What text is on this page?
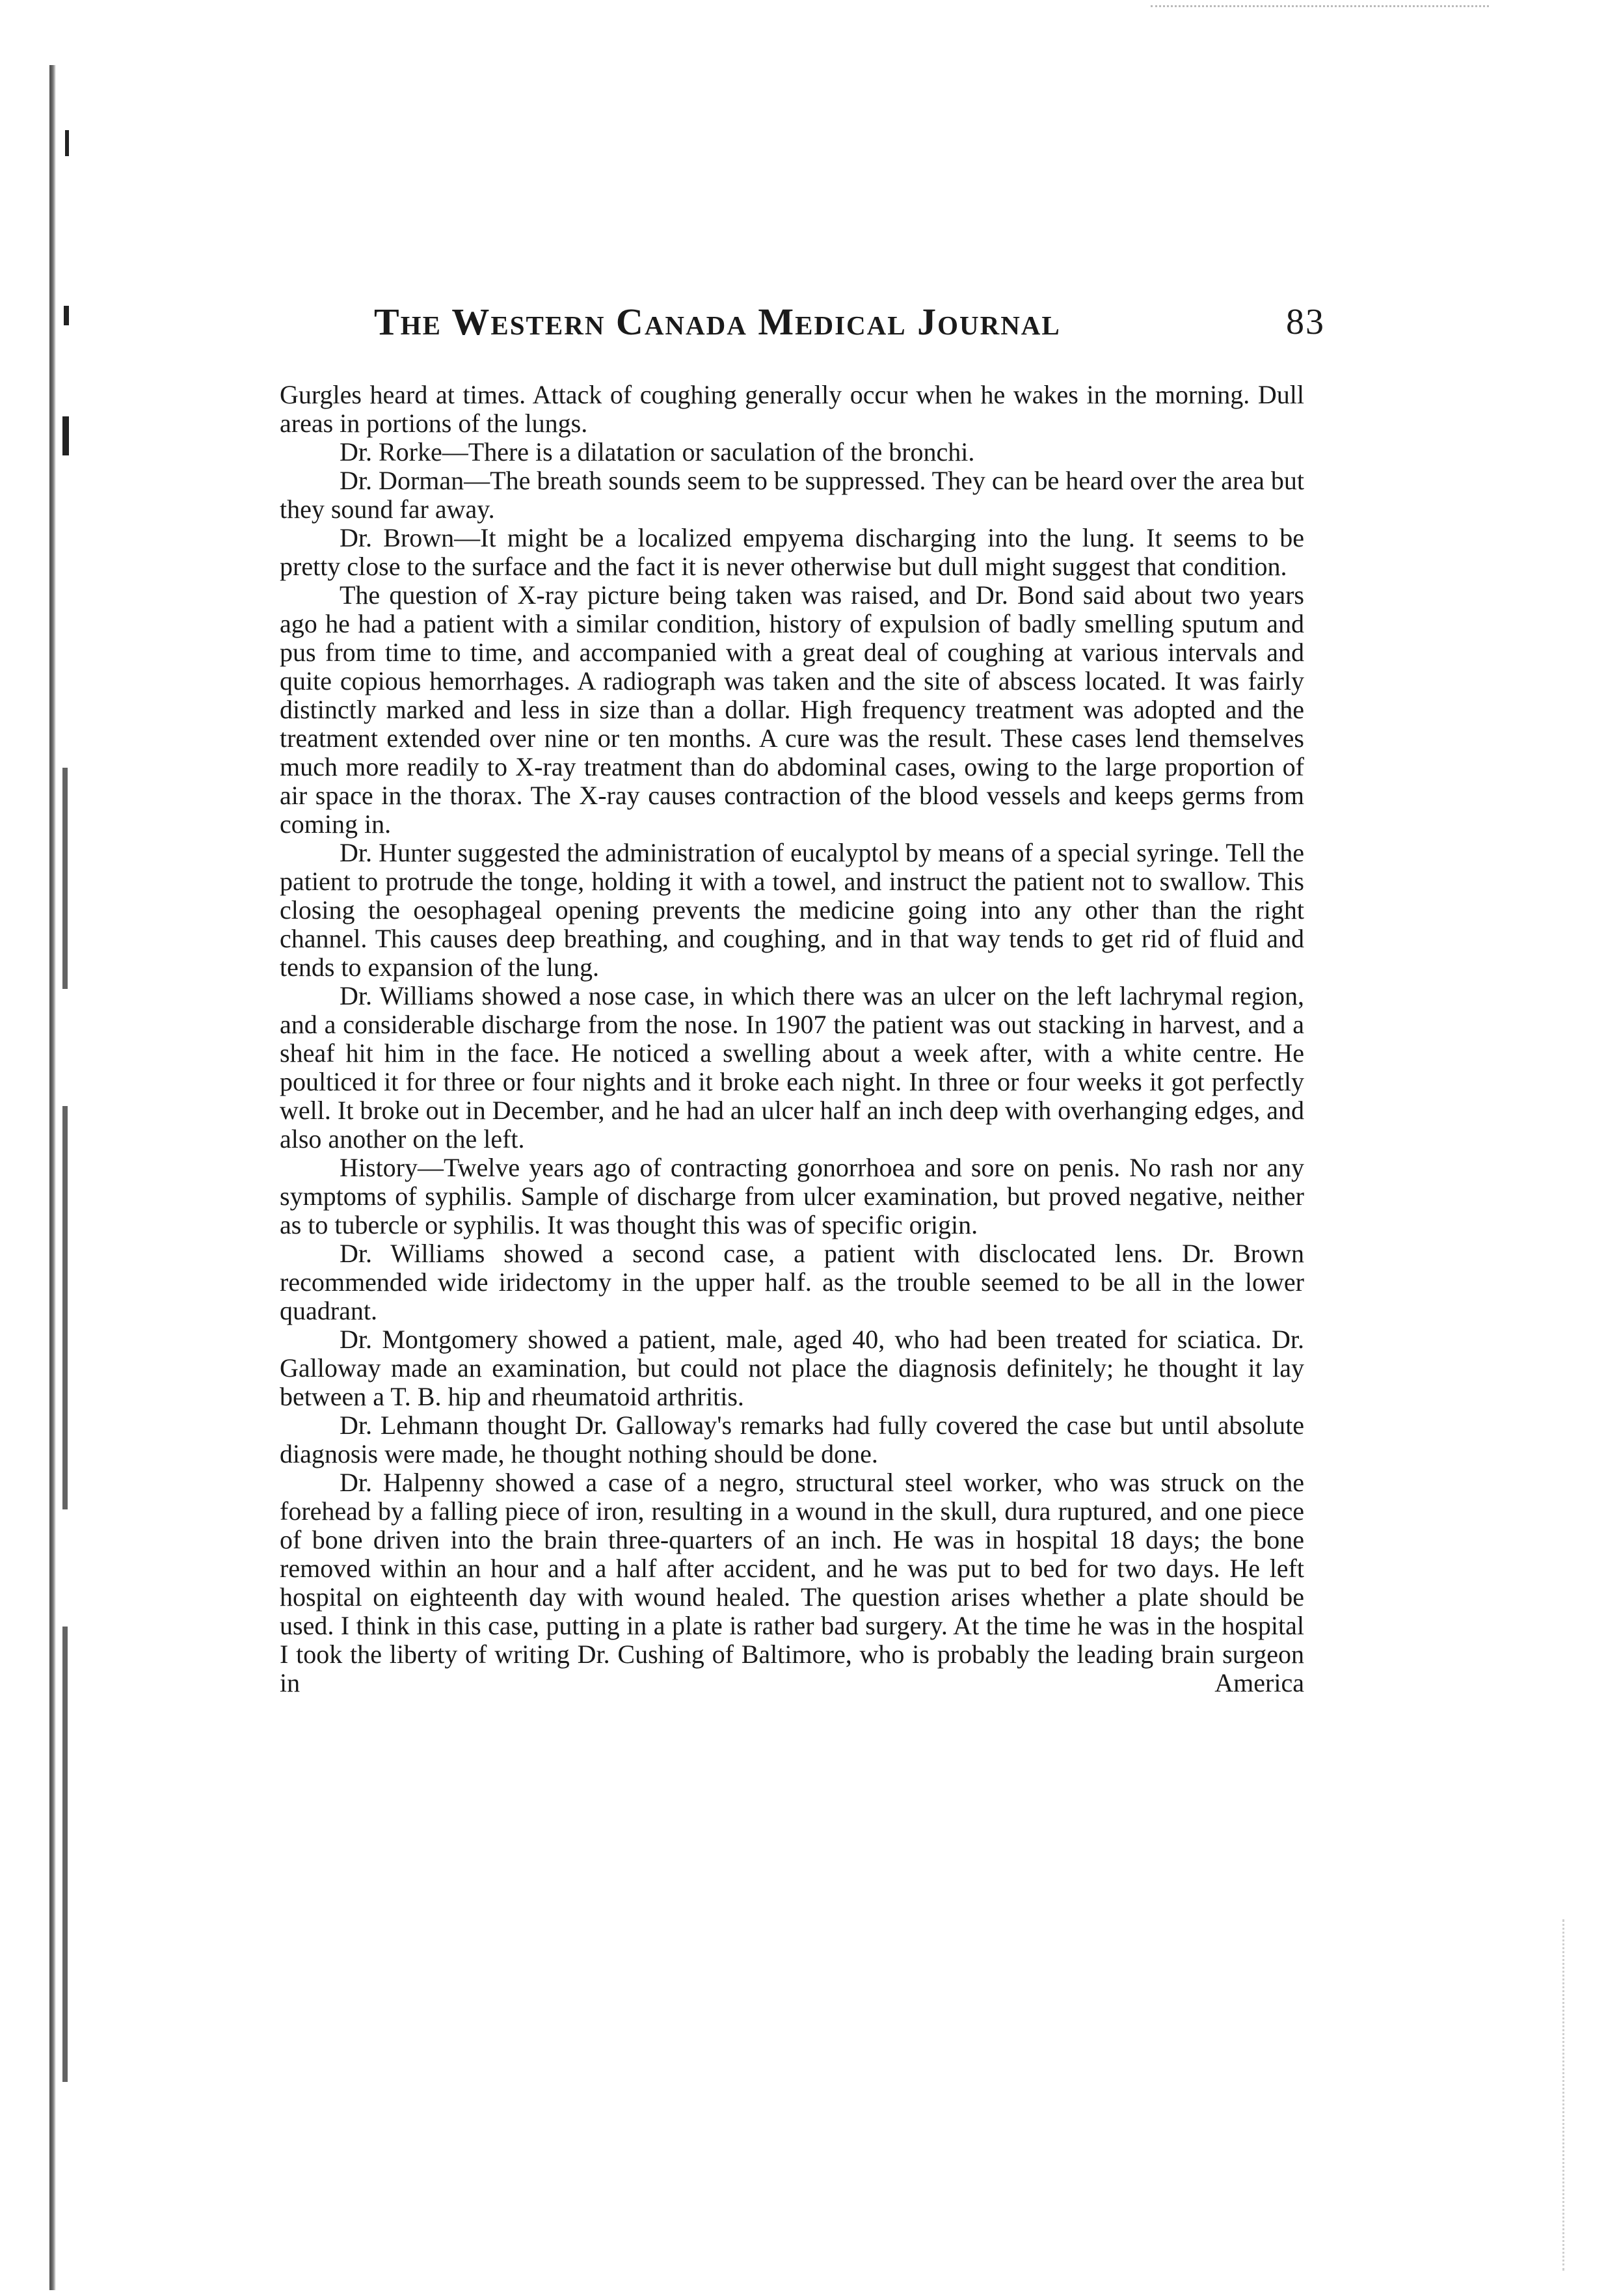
The Western Canada Medical Journal	83

Gurgles heard at times. Attack of coughing generally occur when he wakes in the morning. Dull areas in portions of the lungs.

Dr. Rorke—There is a dilatation or saculation of the bronchi.

Dr. Dorman—The breath sounds seem to be suppressed. They can be heard over the area but they sound far away.

Dr. Brown—It might be a localized empyema discharging into the lung. It seems to be pretty close to the surface and the fact it is never otherwise but dull might suggest that condition.

The question of X-ray picture being taken was raised, and Dr. Bond said about two years ago he had a patient with a similar condition, history of expulsion of badly smelling sputum and pus from time to time, and accompanied with a great deal of coughing at various intervals and quite copious hemorrhages. A radiograph was taken and the site of abscess located. It was fairly distinctly marked and less in size than a dollar. High frequency treatment was adopted and the treatment extended over nine or ten months. A cure was the result. These cases lend themselves much more readily to X-ray treatment than do abdominal cases, owing to the large proportion of air space in the thorax. The X-ray causes contraction of the blood vessels and keeps germs from coming in.

Dr. Hunter suggested the administration of eucalyptol by means of a special syringe. Tell the patient to protrude the tonge, holding it with a towel, and instruct the patient not to swallow. This closing the oesophageal opening prevents the medicine going into any other than the right channel. This causes deep breathing, and coughing, and in that way tends to get rid of fluid and tends to expansion of the lung.

Dr. Williams showed a nose case, in which there was an ulcer on the left lachrymal region, and a considerable discharge from the nose. In 1907 the patient was out stacking in harvest, and a sheaf hit him in the face. He noticed a swelling about a week after, with a white centre. He poulticed it for three or four nights and it broke each night. In three or four weeks it got perfectly well. It broke out in December, and he had an ulcer half an inch deep with overhanging edges, and also another on the left.

History—Twelve years ago of contracting gonorrhoea and sore on penis. No rash nor any symptoms of syphilis. Sample of discharge from ulcer examination, but proved negative, neither as to tubercle or syphilis. It was thought this was of specific origin.

Dr. Williams showed a second case, a patient with disclocated lens. Dr. Brown recommended wide iridectomy in the upper half. as the trouble seemed to be all in the lower quadrant.

Dr. Montgomery showed a patient, male, aged 40, who had been treated for sciatica. Dr. Galloway made an examination, but could not place the diagnosis definitely; he thought it lay between a T. B. hip and rheumatoid arthritis.

Dr. Lehmann thought Dr. Galloway's remarks had fully covered the case but until absolute diagnosis were made, he thought nothing should be done.

Dr. Halpenny showed a case of a negro, structural steel worker, who was struck on the forehead by a falling piece of iron, resulting in a wound in the skull, dura ruptured, and one piece of bone driven into the brain three-quarters of an inch. He was in hospital 18 days; the bone removed within an hour and a half after accident, and he was put to bed for two days. He left hospital on eighteenth day with wound healed. The question arises whether a plate should be used. I think in this case, putting in a plate is rather bad surgery. At the time he was in the hospital I took the liberty of writing Dr. Cushing of Baltimore, who is probably the leading brain surgeon in America
